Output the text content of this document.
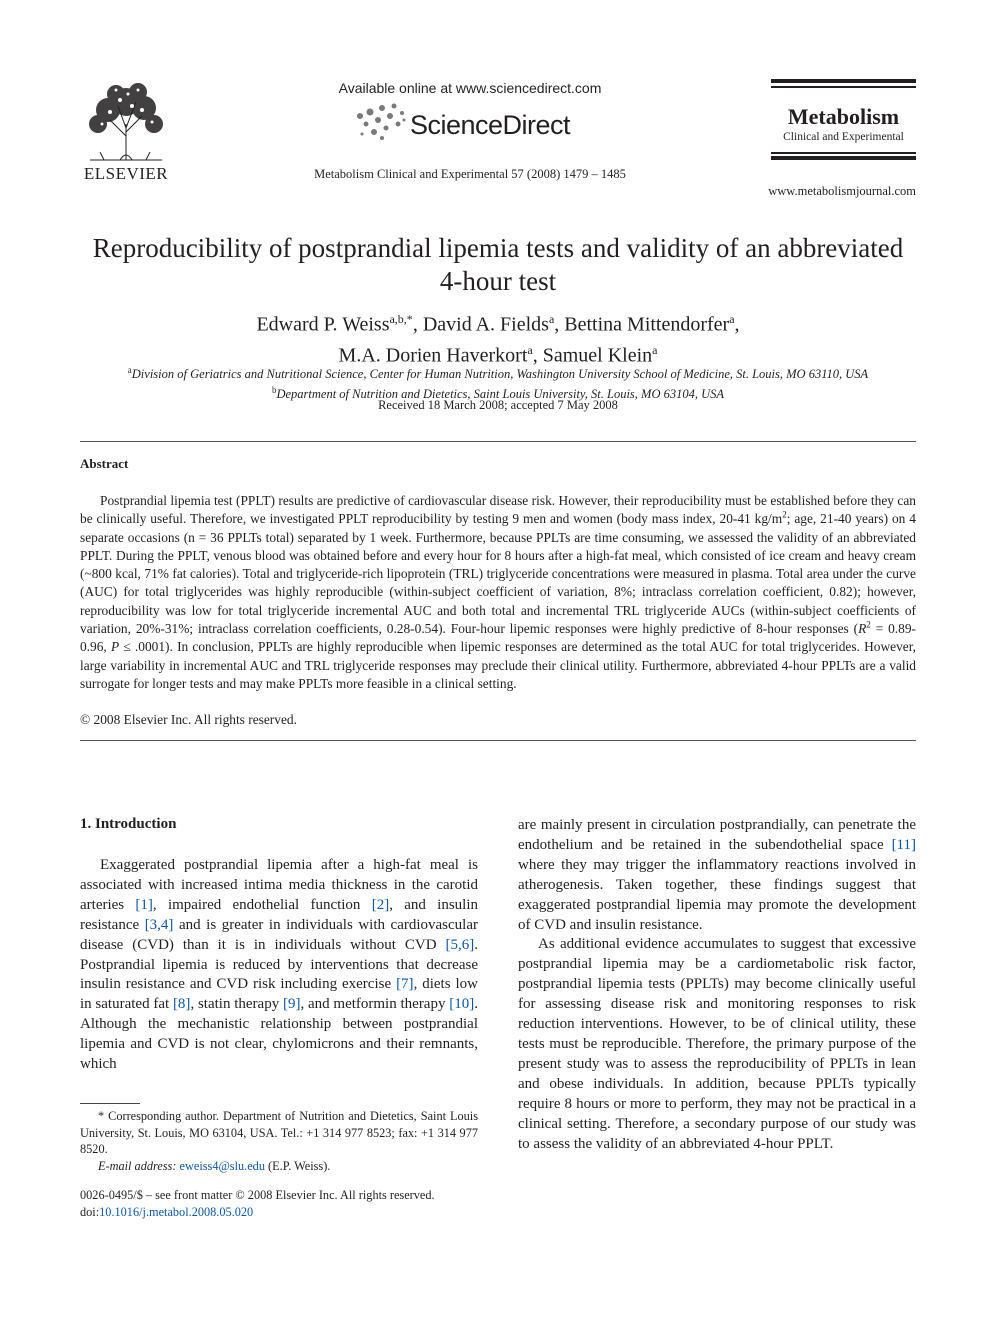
ELSEVIER
Available online at www.sciencedirect.com
ScienceDirect
Metabolism Clinical and Experimental 57 (2008) 1479 – 1485
Metabolism
Clinical and Experimental
www.metabolismjournal.com
Reproducibility of postprandial lipemia tests and validity of an abbreviated
4-hour test
Edward P. Weiss$^{a,b,*}$, David A. Fields$^a$, Bettina Mittendorfer$^a$,
M.A. Dorien Haverkort$^a$, Samuel Klein$^a$
$^a$Division of Geriatrics and Nutritional Science, Center for Human Nutrition, Washington University School of Medicine, St. Louis, MO 63110, USA
$^b$Department of Nutrition and Dietetics, Saint Louis University, St. Louis, MO 63104, USA
Received 18 March 2008; accepted 7 May 2008
Abstract
Postprandial lipemia test (PPLT) results are predictive of cardiovascular disease risk. However, their reproducibility must be established before they can be clinically useful. Therefore, we investigated PPLT reproducibility by testing 9 men and women (body mass index, 20-41 $kg/m^2$; age, 21-40 years) on 4 separate occasions (n = 36 PPLTs total) separated by 1 week. Furthermore, because PPLTs are time consuming, we assessed the validity of an abbreviated PPLT. During the PPLT, venous blood was obtained before and every hour for 8 hours after a high-fat meal, which consisted of ice cream and heavy cream (~800 kcal, 71% fat calories). Total and triglyceride-rich lipoprotein (TRL) triglyceride concentrations were measured in plasma. Total area under the curve (AUC) for total triglycerides was highly reproducible (within-subject coefficient of variation, 8%; intraclass correlation coefficient, 0.82); however, reproducibility was low for total triglyceride incremental AUC and both total and incremental TRL triglyceride AUCs (within-subject coefficients of variation, 20%-31%; intraclass correlation coefficients, 0.28-0.54). Four-hour lipemic responses were highly predictive of 8-hour responses ($R^2 = 0.89-0.96$, P ≤ .0001). In conclusion, PPLTs are highly reproducible when lipemic responses are determined as the total AUC for total triglycerides. However, large variability in incremental AUC and TRL triglyceride responses may preclude their clinical utility. Furthermore, abbreviated 4-hour PPLTs are a valid surrogate for longer tests and may make PPLTs more feasible in a clinical setting.
© 2008 Elsevier Inc. All rights reserved.
1. Introduction

Exaggerated postprandial lipemia after a high-fat meal is associated with increased intima media thickness in the carotid arteries [1], impaired endothelial function [2], and insulin resistance [3,4] and is greater in individuals with cardiovascular disease (CVD) than it is in individuals without CVD [5,6]. Postprandial lipemia is reduced by interventions that decrease insulin resistance and CVD risk including exercise [7], diets low in saturated fat [8], statin therapy [9], and metformin therapy [10]. Although the mechanistic relationship between postprandial lipemia and CVD is not clear, chylomicrons and their remnants, which

are mainly present in circulation postprandially, can penetrate the endothelium and be retained in the subendothelial space [11] where they may trigger the inflammatory reactions involved in atherogenesis. Taken together, these findings suggest that exaggerated postprandial lipemia may promote the development of CVD and insulin resistance.

As additional evidence accumulates to suggest that excessive postprandial lipemia may be a cardiometabolic risk factor, postprandial lipemia tests (PPLTs) may become clinically useful for assessing disease risk and monitoring responses to risk reduction interventions. However, to be of clinical utility, these tests must be reproducible. Therefore, the primary purpose of the present study was to assess the reproducibility of PPLTs in lean and obese individuals. In addition, because PPLTs typically require 8 hours or more to perform, they may not be practical in a clinical setting. Therefore, a secondary purpose of our study was to assess the validity of an abbreviated 4-hour PPLT.

* Corresponding author. Department of Nutrition and Dietetics, Saint Louis University, St. Louis, MO 63104, USA. Tel.: +1 314 977 8523; fax: +1 314 977 8520.

E-mail address: eweiss4@slu.edu (E.P. Weiss).

0026-0495/$ – see front matter © 2008 Elsevier Inc. All rights reserved.
doi:10.1016/j.metabol.2008.05.020
